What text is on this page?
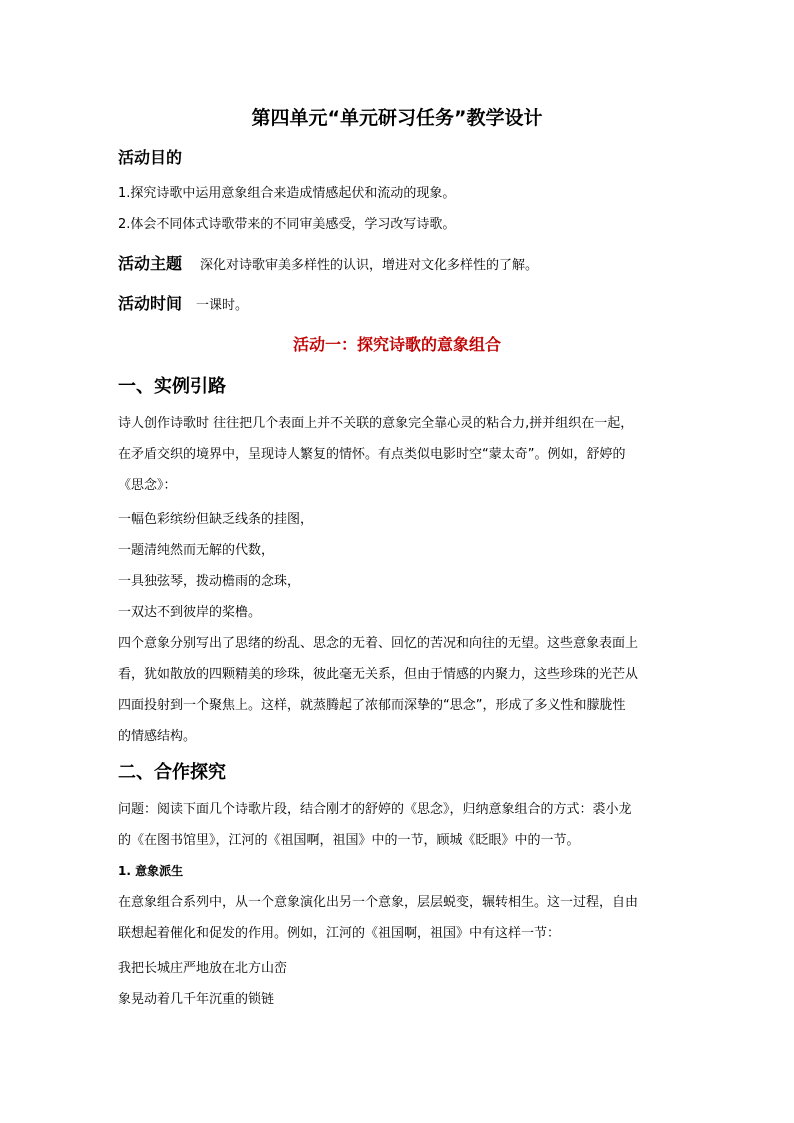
第四单元“单元研习任务”教学设计
活动目的
1.探究诗歌中运用意象组合来造成情感起伏和流动的现象。
2.体会不同体式诗歌带来的不同审美感受，学习改写诗歌。
活动主题 深化对诗歌审美多样性的认识，增进对文化多样性的了解。
活动时间 一课时。
活动一：探究诗歌的意象组合
一、实例引路
诗人创作诗歌时 往往把几个表面上并不关联的意象完全靠心灵的粘合力,拼并组织在一起，
在矛盾交织的境界中，呈现诗人繁复的情怀。有点类似电影时空“蒙太奇”。例如，舒婷的
《思念》：
一幅色彩缤纷但缺乏线条的挂图，
一题清纯然而无解的代数，
一具独弦琴，拨动檐雨的念珠，
一双达不到彼岸的桨橹。
四个意象分别写出了思绪的纷乱、思念的无着、回忆的苦况和向往的无望。这些意象表面上
看，犹如散放的四颗精美的珍珠，彼此毫无关系，但由于情感的内聚力，这些珍珠的光芒从
四面投射到一个聚焦上。这样，就蒸腾起了浓郁而深挚的“思念”，形成了多义性和朦胧性
的情感结构。
二、合作探究
问题：阅读下面几个诗歌片段，结合刚才的舒婷的《思念》，归纳意象组合的方式：裘小龙
的《在图书馆里》，江河的《祖国啊，祖国》中的一节，顾城《眨眼》中的一节。
1. 意象派生
在意象组合系列中，从一个意象演化出另一个意象，层层蜕变，辗转相生。这一过程，自由
联想起着催化和促发的作用。例如，江河的《祖国啊，祖国》中有这样一节：
我把长城庄严地放在北方山峦
象晃动着几千年沉重的锁链
